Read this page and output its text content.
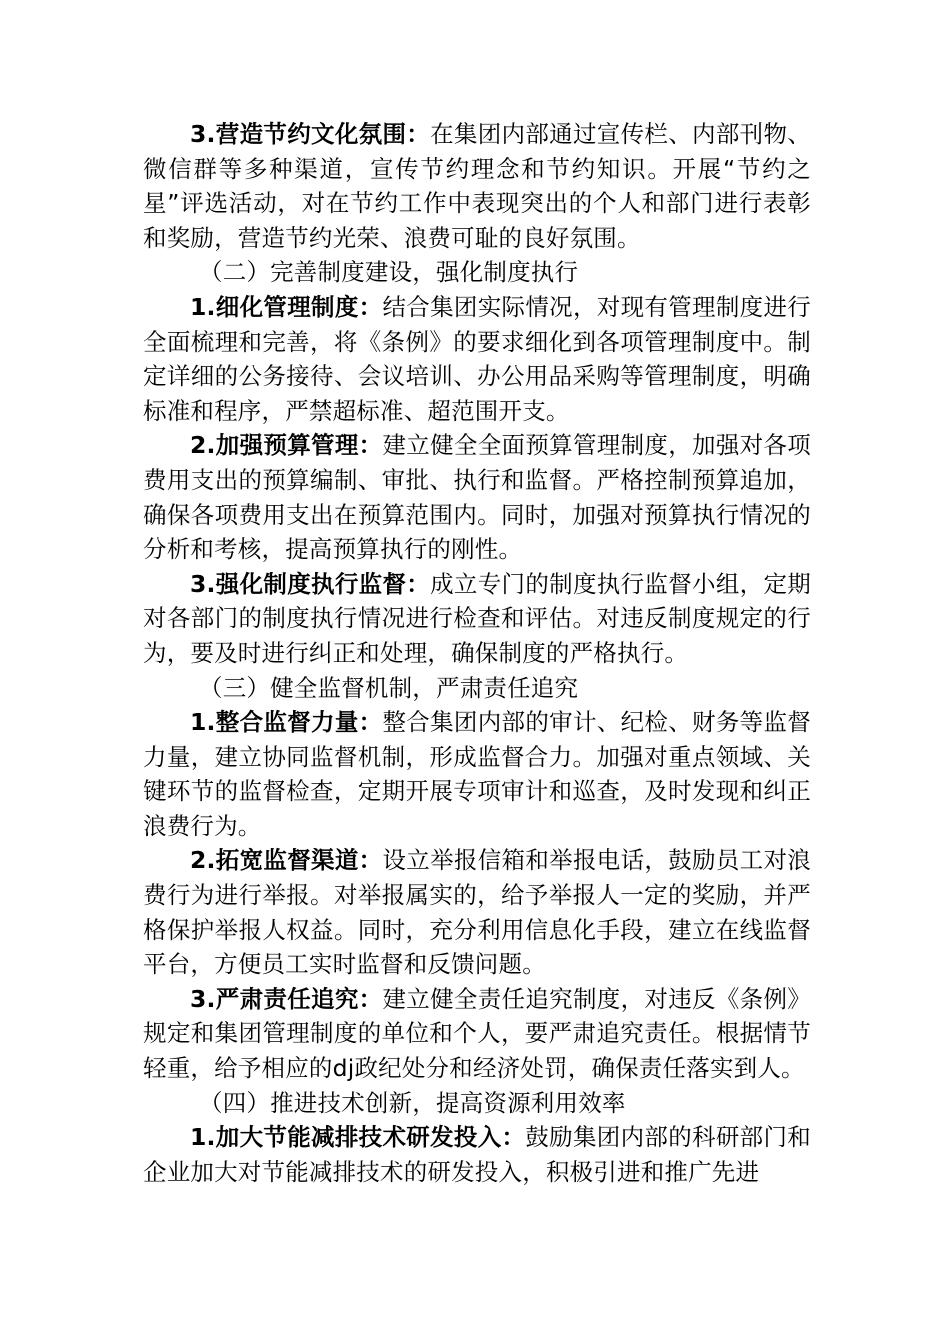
3.营造节约文化氛围：在集团内部通过宣传栏、内部刊物、微信群等多种渠道，宣传节约理念和节约知识。开展“节约之星”评选活动，对在节约工作中表现突出的个人和部门进行表彰和奖励，营造节约光荣、浪费可耻的良好氛围。

（二）完善制度建设，强化制度执行

1.细化管理制度：结合集团实际情况，对现有管理制度进行全面梳理和完善，将《条例》的要求细化到各项管理制度中。制定详细的公务接待、会议培训、办公用品采购等管理制度，明确标准和程序，严禁超标准、超范围开支。

2.加强预算管理：建立健全全面预算管理制度，加强对各项费用支出的预算编制、审批、执行和监督。严格控制预算追加，确保各项费用支出在预算范围内。同时，加强对预算执行情况的分析和考核，提高预算执行的刚性。

3.强化制度执行监督：成立专门的制度执行监督小组，定期对各部门的制度执行情况进行检查和评估。对违反制度规定的行为，要及时进行纠正和处理，确保制度的严格执行。

（三）健全监督机制，严肃责任追究

1.整合监督力量：整合集团内部的审计、纪检、财务等监督力量，建立协同监督机制，形成监督合力。加强对重点领域、关键环节的监督检查，定期开展专项审计和巡查，及时发现和纠正浪费行为。

2.拓宽监督渠道：设立举报信箱和举报电话，鼓励员工对浪费行为进行举报。对举报属实的，给予举报人一定的奖励，并严格保护举报人权益。同时，充分利用信息化手段，建立在线监督平台，方便员工实时监督和反馈问题。

3.严肃责任追究：建立健全责任追究制度，对违反《条例》规定和集团管理制度的单位和个人，要严肃追究责任。根据情节轻重，给予相应的dj政纪处分和经济处罚，确保责任落实到人。

（四）推进技术创新，提高资源利用效率

1.加大节能减排技术研发投入：鼓励集团内部的科研部门和企业加大对节能减排技术的研发投入，积极引进和推广先进
